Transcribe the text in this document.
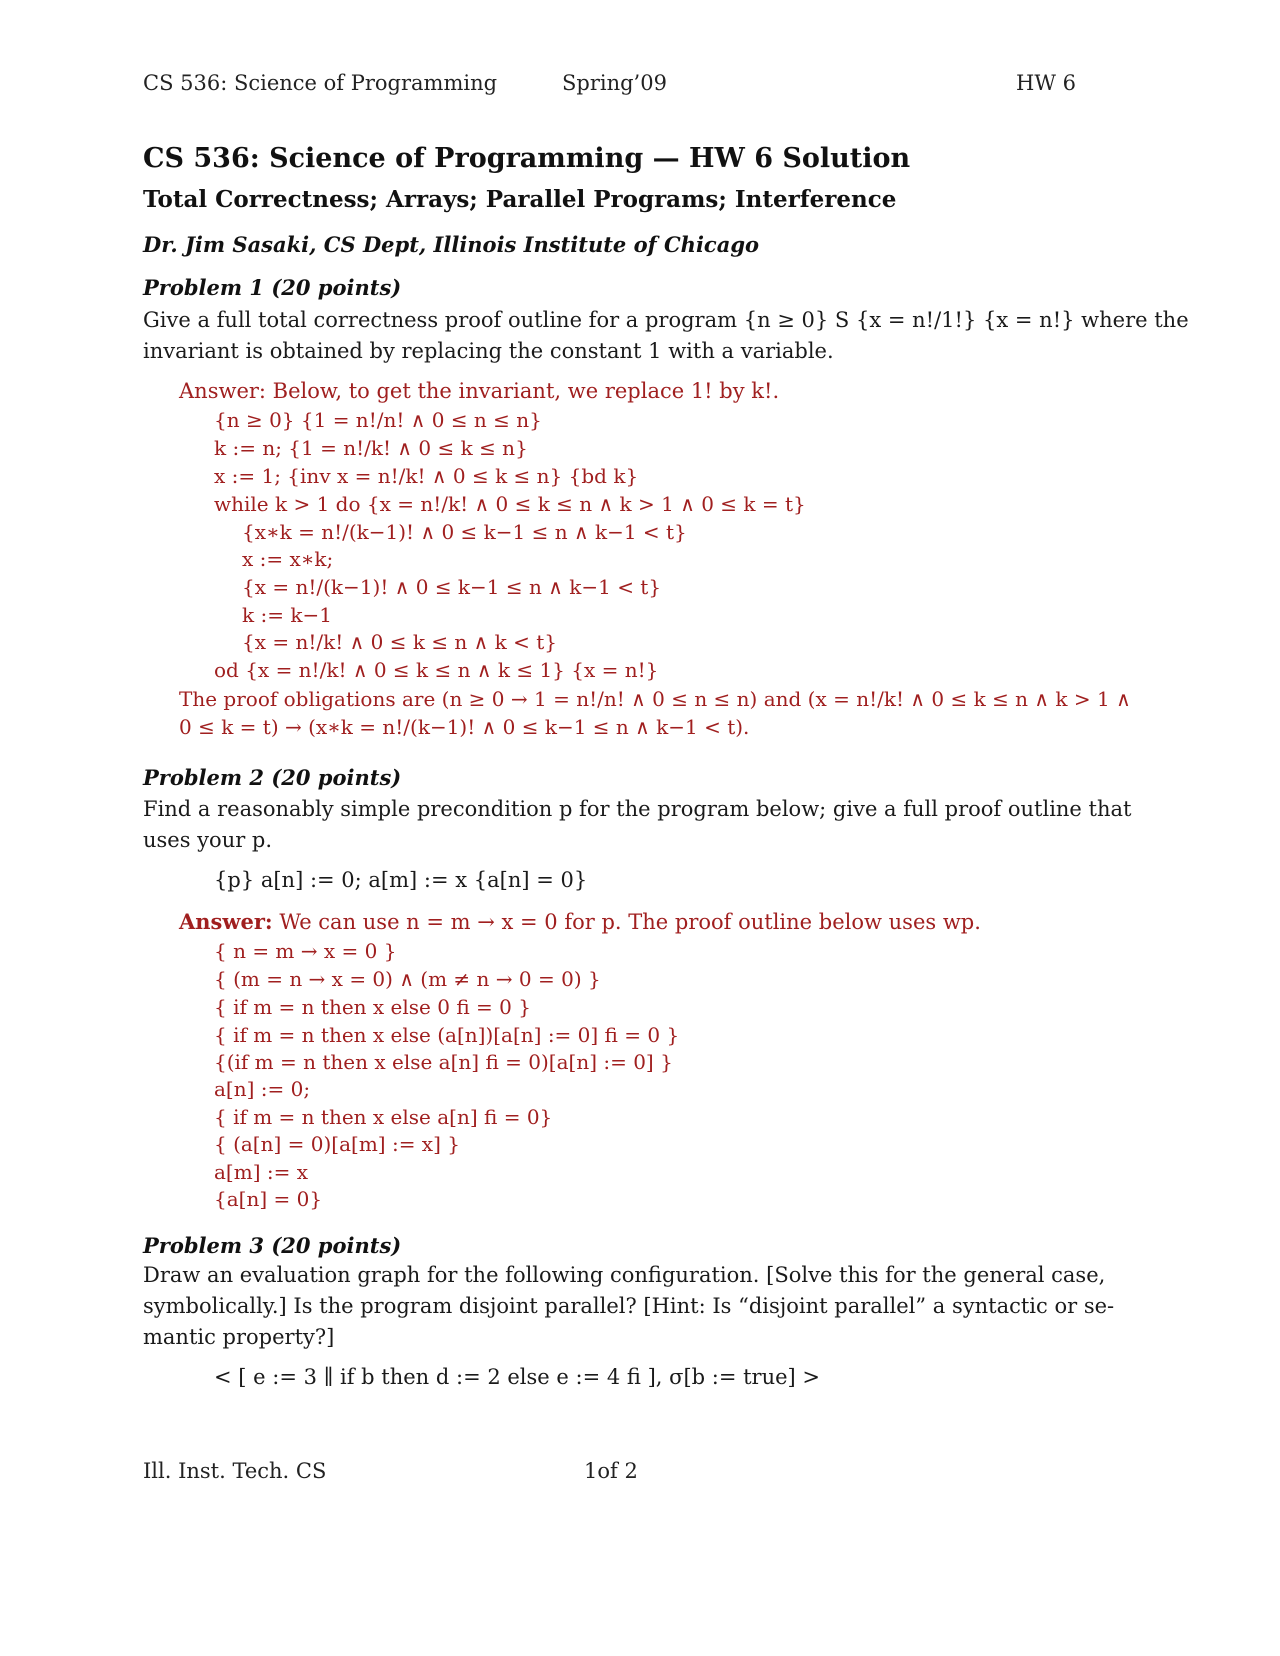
CS 536: Science of Programming	Spring’09	HW 6
CS 536: Science of Programming — HW 6 Solution
Total Correctness; Arrays; Parallel Programs; Interference
Dr. Jim Sasaki, CS Dept, Illinois Institute of Chicago
Problem 1 (20 points)
Give a full total correctness proof outline for a program {n ≥ 0} S {x = n!/1!} {x = n!} where the
invariant is obtained by replacing the constant 1 with a variable.
Answer: Below, to get the invariant, we replace 1! by k!.
{n ≥ 0} {1 = n!/n! ∧ 0 ≤ n ≤ n}
k := n; {1 = n!/k! ∧ 0 ≤ k ≤ n}
x := 1; {inv x = n!/k! ∧ 0 ≤ k ≤ n} {bd k}
while k > 1 do {x = n!/k! ∧ 0 ≤ k ≤ n ∧ k > 1 ∧ 0 ≤ k = t}
{x∗k = n!/(k−1)! ∧ 0 ≤ k−1 ≤ n ∧ k−1 < t}
x := x∗k;
{x = n!/(k−1)! ∧ 0 ≤ k−1 ≤ n ∧ k−1 < t}
k := k−1
{x = n!/k! ∧ 0 ≤ k ≤ n ∧ k < t}
od {x = n!/k! ∧ 0 ≤ k ≤ n ∧ k ≤ 1} {x = n!}
The proof obligations are (n ≥ 0 → 1 = n!/n! ∧ 0 ≤ n ≤ n) and (x = n!/k! ∧ 0 ≤ k ≤ n ∧ k > 1 ∧
0 ≤ k = t) → (x∗k = n!/(k−1)! ∧ 0 ≤ k−1 ≤ n ∧ k−1 < t).
Problem 2 (20 points)
Find a reasonably simple precondition p for the program below; give a full proof outline that
uses your p.
{p} a[n] := 0; a[m] := x {a[n] = 0}
Answer: We can use n = m → x = 0 for p. The proof outline below uses wp.
{ n = m → x = 0 }
{ (m = n → x = 0) ∧ (m ≠ n → 0 = 0) }
{ if m = n then x else 0 fi = 0 }
{ if m = n then x else (a[n])[a[n] := 0] fi = 0 }
{(if m = n then x else a[n] fi = 0)[a[n] := 0] }
a[n] := 0;
{ if m = n then x else a[n] fi = 0}
{ (a[n] = 0)[a[m] := x] }
a[m] := x
{a[n] = 0}
Problem 3 (20 points)
Draw an evaluation graph for the following configuration. [Solve this for the general case,
symbolically.] Is the program disjoint parallel? [Hint: Is “disjoint parallel” a syntactic or se-
mantic property?]
< [ e := 3 ∥ if b then d := 2 else e := 4 fi ], σ[b := true] >
Ill. Inst. Tech. CS	1of 2
